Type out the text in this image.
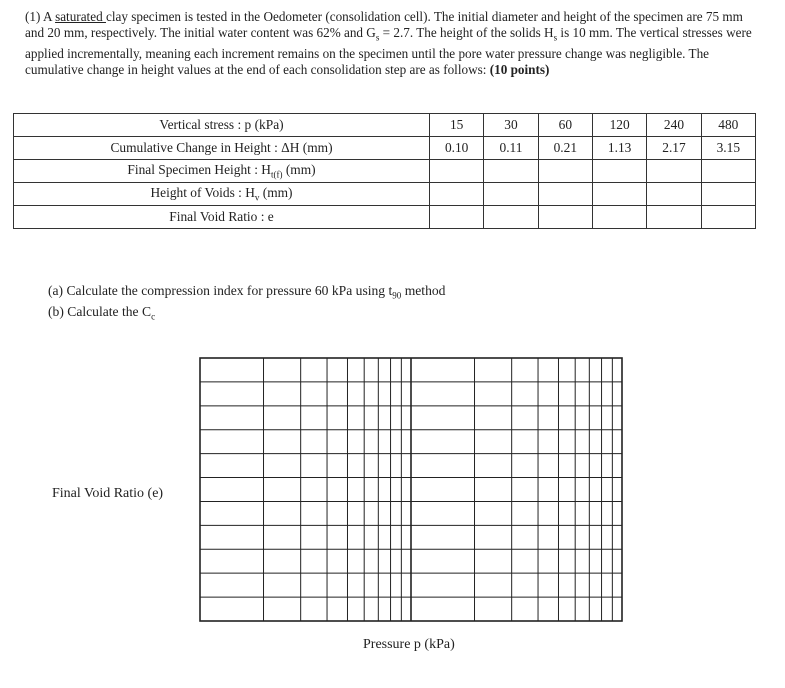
(1) A saturated clay specimen is tested in the Oedometer (consolidation cell). The initial diameter and height of the specimen are 75 mm and 20 mm, respectively. The initial water content was 62% and $G_s = 2.7$. The height of the solids $H_s$ is 10 mm. The vertical stresses were applied incrementally, meaning each increment remains on the specimen until the pore water pressure change was negligible. The cumulative change in height values at the end of each consolidation step are as follows: (10 points)
Vertical stress : p (kPa)	15	30	60	120	240	480
Cumulative Change in Height : ΔH (mm)	0.10	0.11	0.21	1.13	2.17	3.15
Final Specimen Height : $H_{t(f)}$ (mm)						
Height of Voids : $H_v$ (mm)						
Final Void Ratio : e						
(a) Calculate the compression index for pressure 60 kPa using $t_{90}$ method
(b) Calculate the $C_c$
Final Void Ratio (e)
Pressure p (kPa)
